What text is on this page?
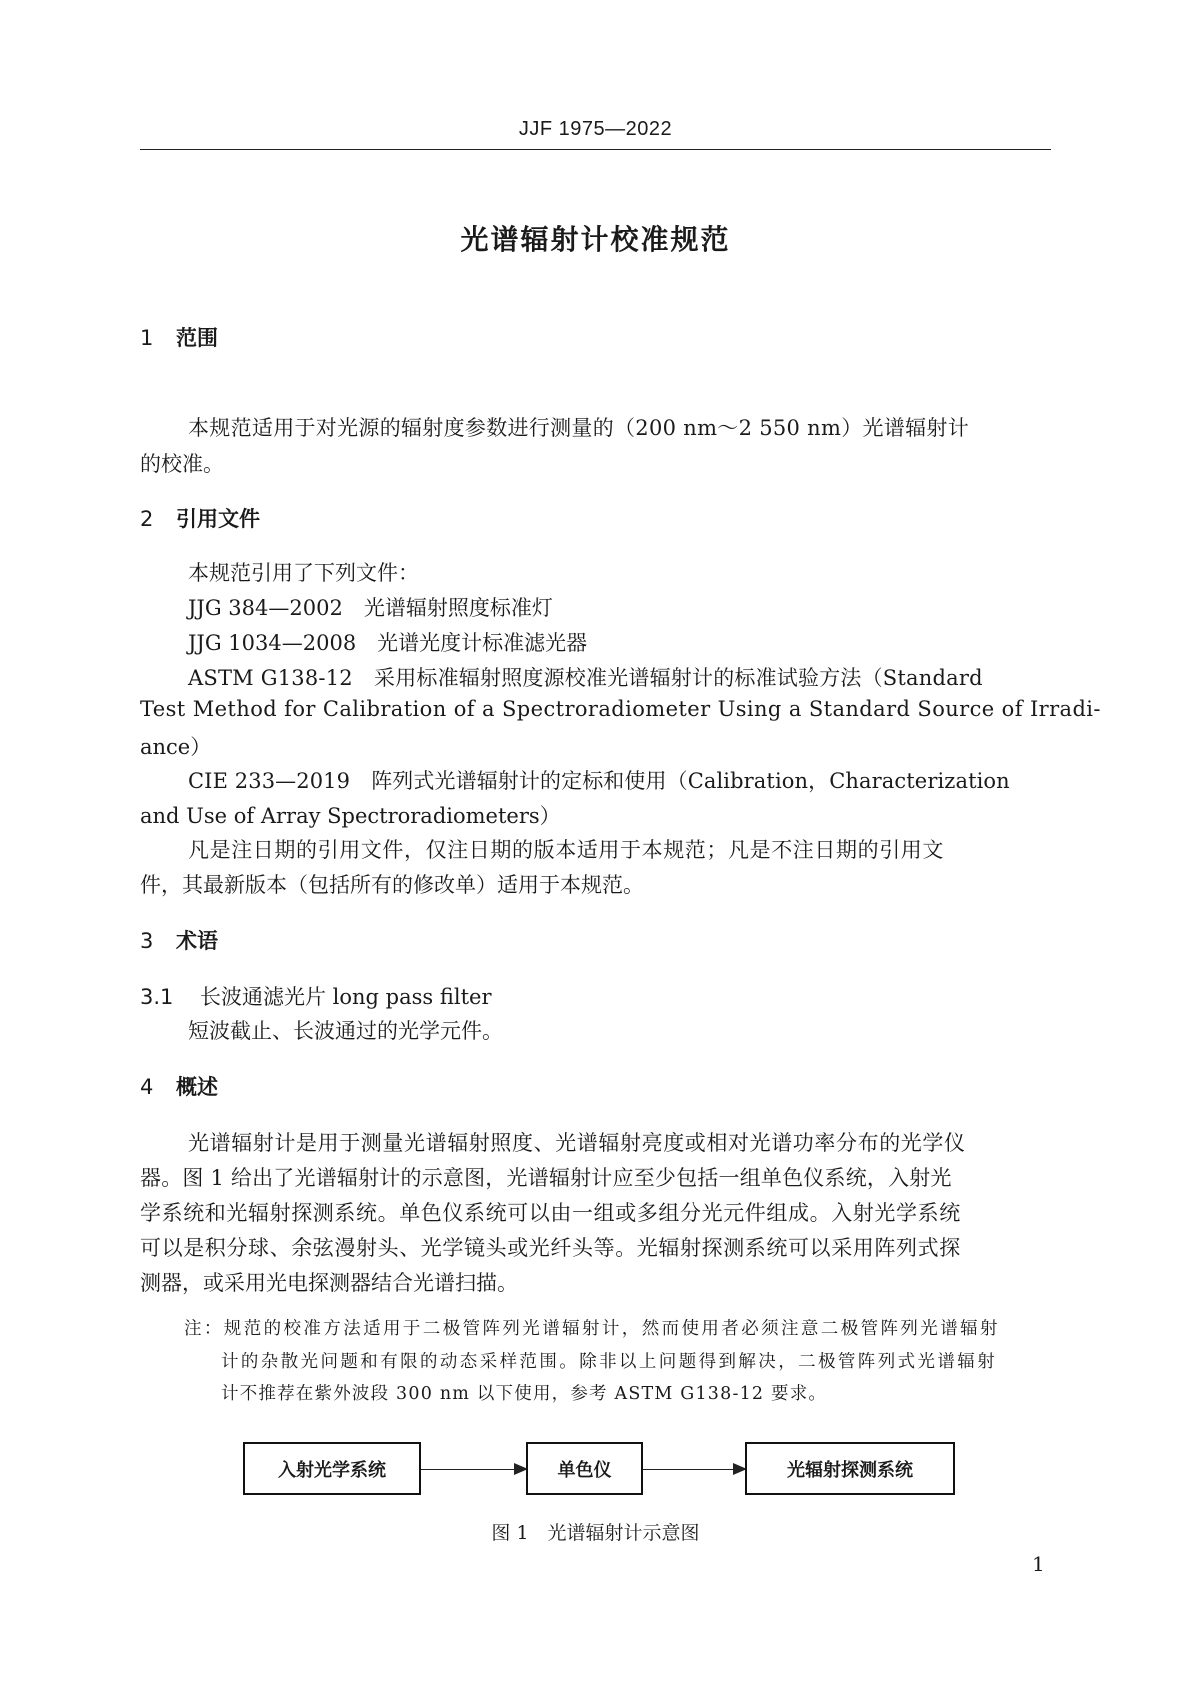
JJF 1975—2022
光谱辐射计校准规范
1 范围
本规范适用于对光源的辐射度参数进行测量的（200 nm～2 550 nm）光谱辐射计
的校准。
2 引用文件
本规范引用了下列文件：
JJG 384—2002　光谱辐射照度标准灯
JJG 1034—2008　光谱光度计标准滤光器
ASTM G138-12　采用标准辐射照度源校准光谱辐射计的标准试验方法（Standard
Test Method for Calibration of a Spectroradiometer Using a Standard Source of Irradi-
ance）
CIE 233—2019　阵列式光谱辐射计的定标和使用（Calibration，Characterization
and Use of Array Spectroradiometers）
凡是注日期的引用文件，仅注日期的版本适用于本规范；凡是不注日期的引用文
件，其最新版本（包括所有的修改单）适用于本规范。
3 术语
3.1 长波通滤光片 long pass filter
短波截止、长波通过的光学元件。
4 概述
光谱辐射计是用于测量光谱辐射照度、光谱辐射亮度或相对光谱功率分布的光学仪
器。图 1 给出了光谱辐射计的示意图，光谱辐射计应至少包括一组单色仪系统，入射光
学系统和光辐射探测系统。单色仪系统可以由一组或多组分光元件组成。入射光学系统
可以是积分球、余弦漫射头、光学镜头或光纤头等。光辐射探测系统可以采用阵列式探
测器，或采用光电探测器结合光谱扫描。
注：规范的校准方法适用于二极管阵列光谱辐射计，然而使用者必须注意二极管阵列光谱辐射
计的杂散光问题和有限的动态采样范围。除非以上问题得到解决，二极管阵列式光谱辐射
计不推荐在紫外波段 300 nm 以下使用，参考 ASTM G138-12 要求。
入射光学系统	单色仪	光辐射探测系统
图 1　光谱辐射计示意图
1
